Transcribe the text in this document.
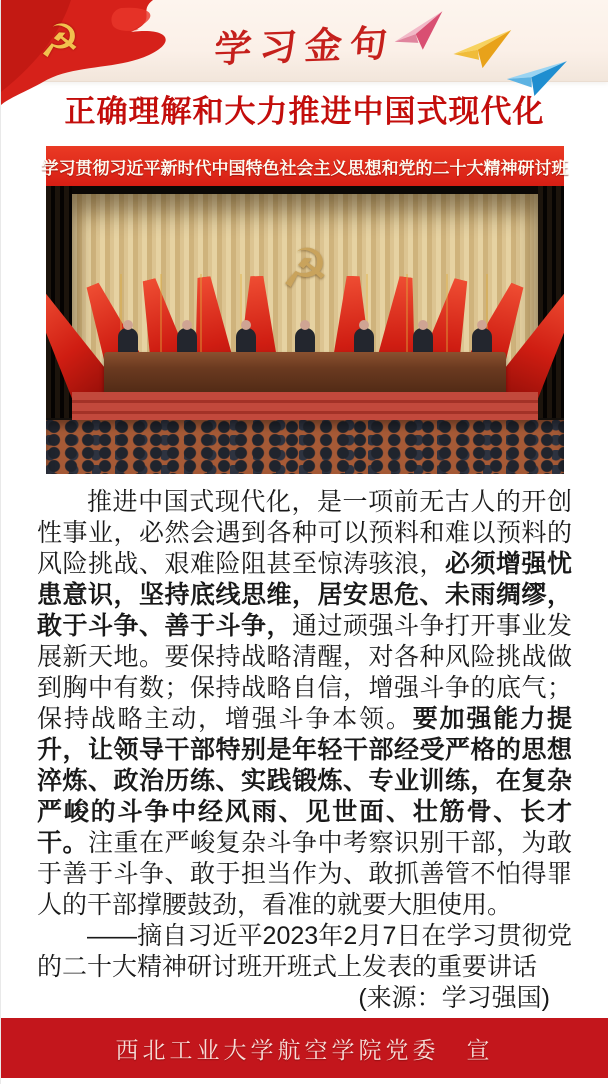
☭	学习金句
正确理解和大力推进中国式现代化
学习贯彻习近平新时代中国特色社会主义思想和党的二十大精神研讨班
☭

推进中国式现代化，是一项前无古人的开创性事业，必然会遇到各种可以预料和难以预料的风险挑战、艰难险阻甚至惊涛骇浪，必须增强忧患意识，坚持底线思维，居安思危、未雨绸缪，敢于斗争、善于斗争，通过顽强斗争打开事业发展新天地。要保持战略清醒，对各种风险挑战做到胸中有数；保持战略自信，增强斗争的底气；保持战略主动，增强斗争本领。要加强能力提升，让领导干部特别是年轻干部经受严格的思想淬炼、政治历练、实践锻炼、专业训练，在复杂严峻的斗争中经风雨、见世面、壮筋骨、长才干。注重在严峻复杂斗争中考察识别干部，为敢于善于斗争、敢于担当作为、敢抓善管不怕得罪人的干部撑腰鼓劲，看准的就要大胆使用。

——摘自习近平2023年2月7日在学习贯彻党的二十大精神研讨班开班式上发表的重要讲话

(来源：学习强国)

西北工业大学航空学院党委　宣
